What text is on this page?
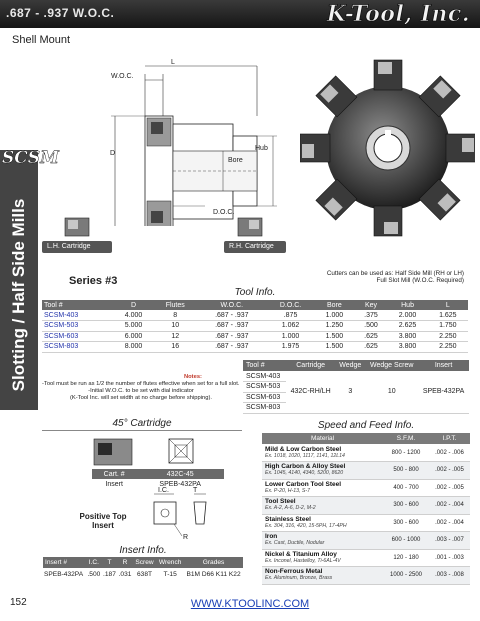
.687 - .937 W.O.C.	K-Tool, Inc.
Shell Mount
SCSM
Slotting / Half Side Mills
W.O.C.
L
Hub
D
Bore
D.O.C.
L.H. Cartridge	R.H. Cartridge
Series #3
Cutters can be used as: Half Side Mill (RH or LH)
Full Slot Mill (W.O.C. Required)
Tool Info.
Tool #	D	Flutes	W.O.C.	D.O.C.	Bore	Key	Hub	L
SCSM-403	4.000	8	.687 - .937	.875	1.000	.375	2.000	1.625
SCSM-503	5.000	10	.687 - .937	1.062	1.250	.500	2.625	1.750
SCSM-603	6.000	12	.687 - .937	1.000	1.500	.625	3.800	2.250
SCSM-803	8.000	16	.687 - .937	1.975	1.500	.625	3.800	2.250
Tool #	Cartridge	Wedge	Wedge Screw	Insert
SCSM-403	432C-RH/LH	3	10	SPEB-432PA
SCSM-503				
SCSM-603				
SCSM-803				
Notes:
-Tool must be run as 1/2 the number of flutes effective when set for a full slot.
-Initial W.O.C. to be set with dial indicator
(K-Tool Inc. will set width at no charge before shipping).
45° Cartridge
Cart. #	432C-45
Insert	SPEB-432PA
Positive Top Insert
I.C.	T
R
Insert Info.
Insert #	I.C.	T	R	Screw	Wrench	Grades
SPEB-432PA	.500	.187	.031	638T	T-15	B1M D66 K11 K22
Speed and Feed Info.
Material	S.F.M.	I.P.T.

Mild & Low Carbon Steel
Ex. 1018, 1020, 1117, 1141, 12L14	800 - 1200	.002 - .006

High Carbon & Alloy Steel
Ex. 1045, 4140, 4340, 5200, 8620	500 - 800	.002 - .005

Lower Carbon Tool Steel
Ex. P-20, H-13, S-7	400 - 700	.002 - .005

Tool Steel
Ex. A-2, A-6, D-2, M-2	300 - 600	.002 - .004

Stainless Steel
Ex. 304, 316, 420, 15-5PH, 17-4PH	300 - 600	.002 - .004

Iron
Ex. Cast, Ductile, Nodular	600 - 1000	.003 - .007

Nickel & Titanium Alloy
Ex. Inconel, Hastelloy, Ti-6AL-4V	120 - 180	.001 - .003

Non-Ferrous Metal
Ex. Aluminum, Bronze, Brass	1000 - 2500	.003 - .008
152	WWW.KTOOLINC.COM
